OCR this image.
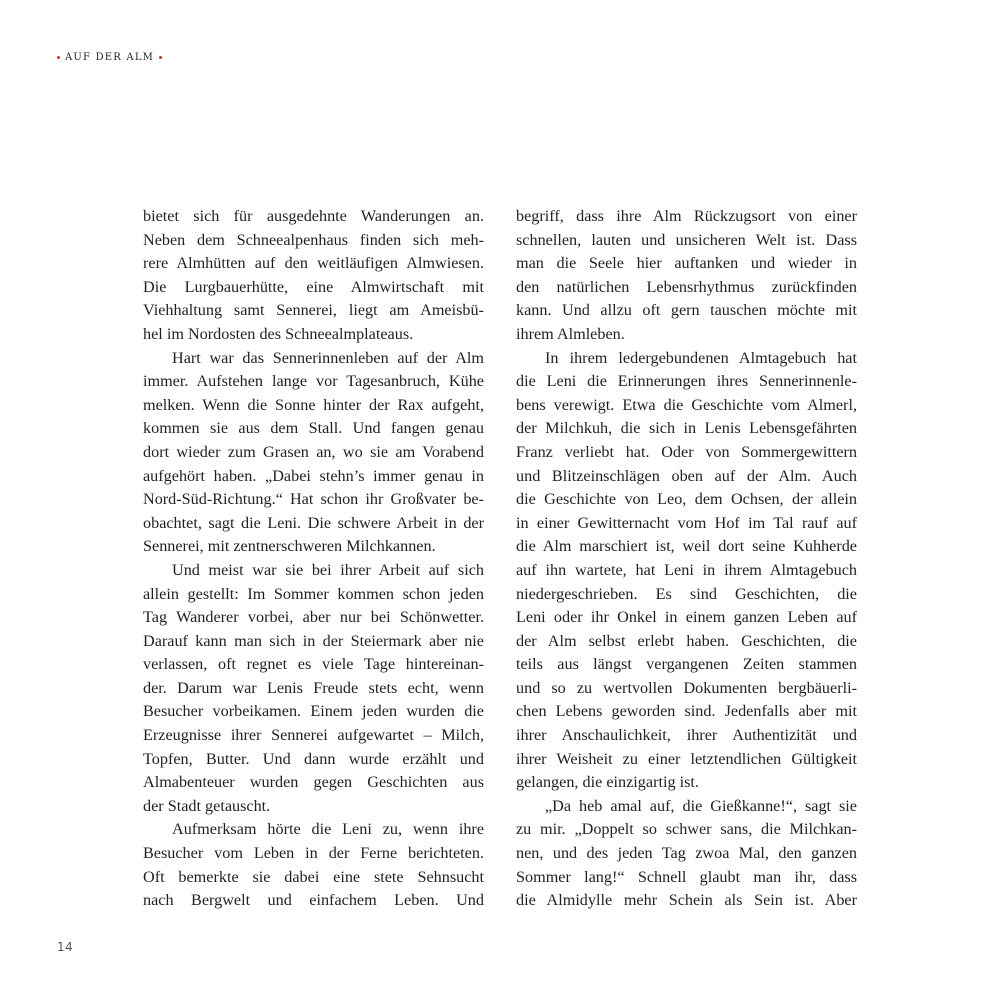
AUF DER ALM
bietet sich für ausgedehnte Wanderungen an.
Neben dem Schneealpenhaus finden sich meh-
rere Almhütten auf den weitläufigen Almwiesen.
Die Lurgbauerhütte, eine Almwirtschaft mit
Viehhaltung samt Sennerei, liegt am Ameisbü-
hel im Nordosten des Schneealmplateaus.
Hart war das Sennerinnenleben auf der Alm
immer. Aufstehen lange vor Tagesanbruch, Kühe
melken. Wenn die Sonne hinter der Rax aufgeht,
kommen sie aus dem Stall. Und fangen genau
dort wieder zum Grasen an, wo sie am Vorabend
aufgehört haben. „Dabei stehn’s immer genau in
Nord-Süd-Richtung.“ Hat schon ihr Großvater be-
obachtet, sagt die Leni. Die schwere Arbeit in der
Sennerei, mit zentnerschweren Milchkannen.
Und meist war sie bei ihrer Arbeit auf sich
allein gestellt: Im Sommer kommen schon jeden
Tag Wanderer vorbei, aber nur bei Schönwetter.
Darauf kann man sich in der Steiermark aber nie
verlassen, oft regnet es viele Tage hintereinan-
der. Darum war Lenis Freude stets echt, wenn
Besucher vorbeikamen. Einem jeden wurden die
Erzeugnisse ihrer Sennerei aufgewartet – Milch,
Topfen, Butter. Und dann wurde erzählt und
Almabenteuer wurden gegen Geschichten aus
der Stadt getauscht.
Aufmerksam hörte die Leni zu, wenn ihre
Besucher vom Leben in der Ferne berichteten.
Oft bemerkte sie dabei eine stete Sehnsucht
nach Bergwelt und einfachem Leben. Und
begriff, dass ihre Alm Rückzugsort von einer
schnellen, lauten und unsicheren Welt ist. Dass
man die Seele hier auftanken und wieder in
den natürlichen Lebensrhythmus zurückfinden
kann. Und allzu oft gern tauschen möchte mit
ihrem Almleben.
In ihrem ledergebundenen Almtagebuch hat
die Leni die Erinnerungen ihres Sennerinnenle-
bens verewigt. Etwa die Geschichte vom Almerl,
der Milchkuh, die sich in Lenis Lebensgefährten
Franz verliebt hat. Oder von Sommergewittern
und Blitzeinschlägen oben auf der Alm. Auch
die Geschichte von Leo, dem Ochsen, der allein
in einer Gewitternacht vom Hof im Tal rauf auf
die Alm marschiert ist, weil dort seine Kuhherde
auf ihn wartete, hat Leni in ihrem Almtagebuch
niedergeschrieben. Es sind Geschichten, die
Leni oder ihr Onkel in einem ganzen Leben auf
der Alm selbst erlebt haben. Geschichten, die
teils aus längst vergangenen Zeiten stammen
und so zu wertvollen Dokumenten bergbäuerli-
chen Lebens geworden sind. Jedenfalls aber mit
ihrer Anschaulichkeit, ihrer Authentizität und
ihrer Weisheit zu einer letztendlichen Gültigkeit
gelangen, die einzigartig ist.
„Da heb amal auf, die Gießkanne!“, sagt sie
zu mir. „Doppelt so schwer sans, die Milchkan-
nen, und des jeden Tag zwoa Mal, den ganzen
Sommer lang!“ Schnell glaubt man ihr, dass
die Almidylle mehr Schein als Sein ist. Aber
14
